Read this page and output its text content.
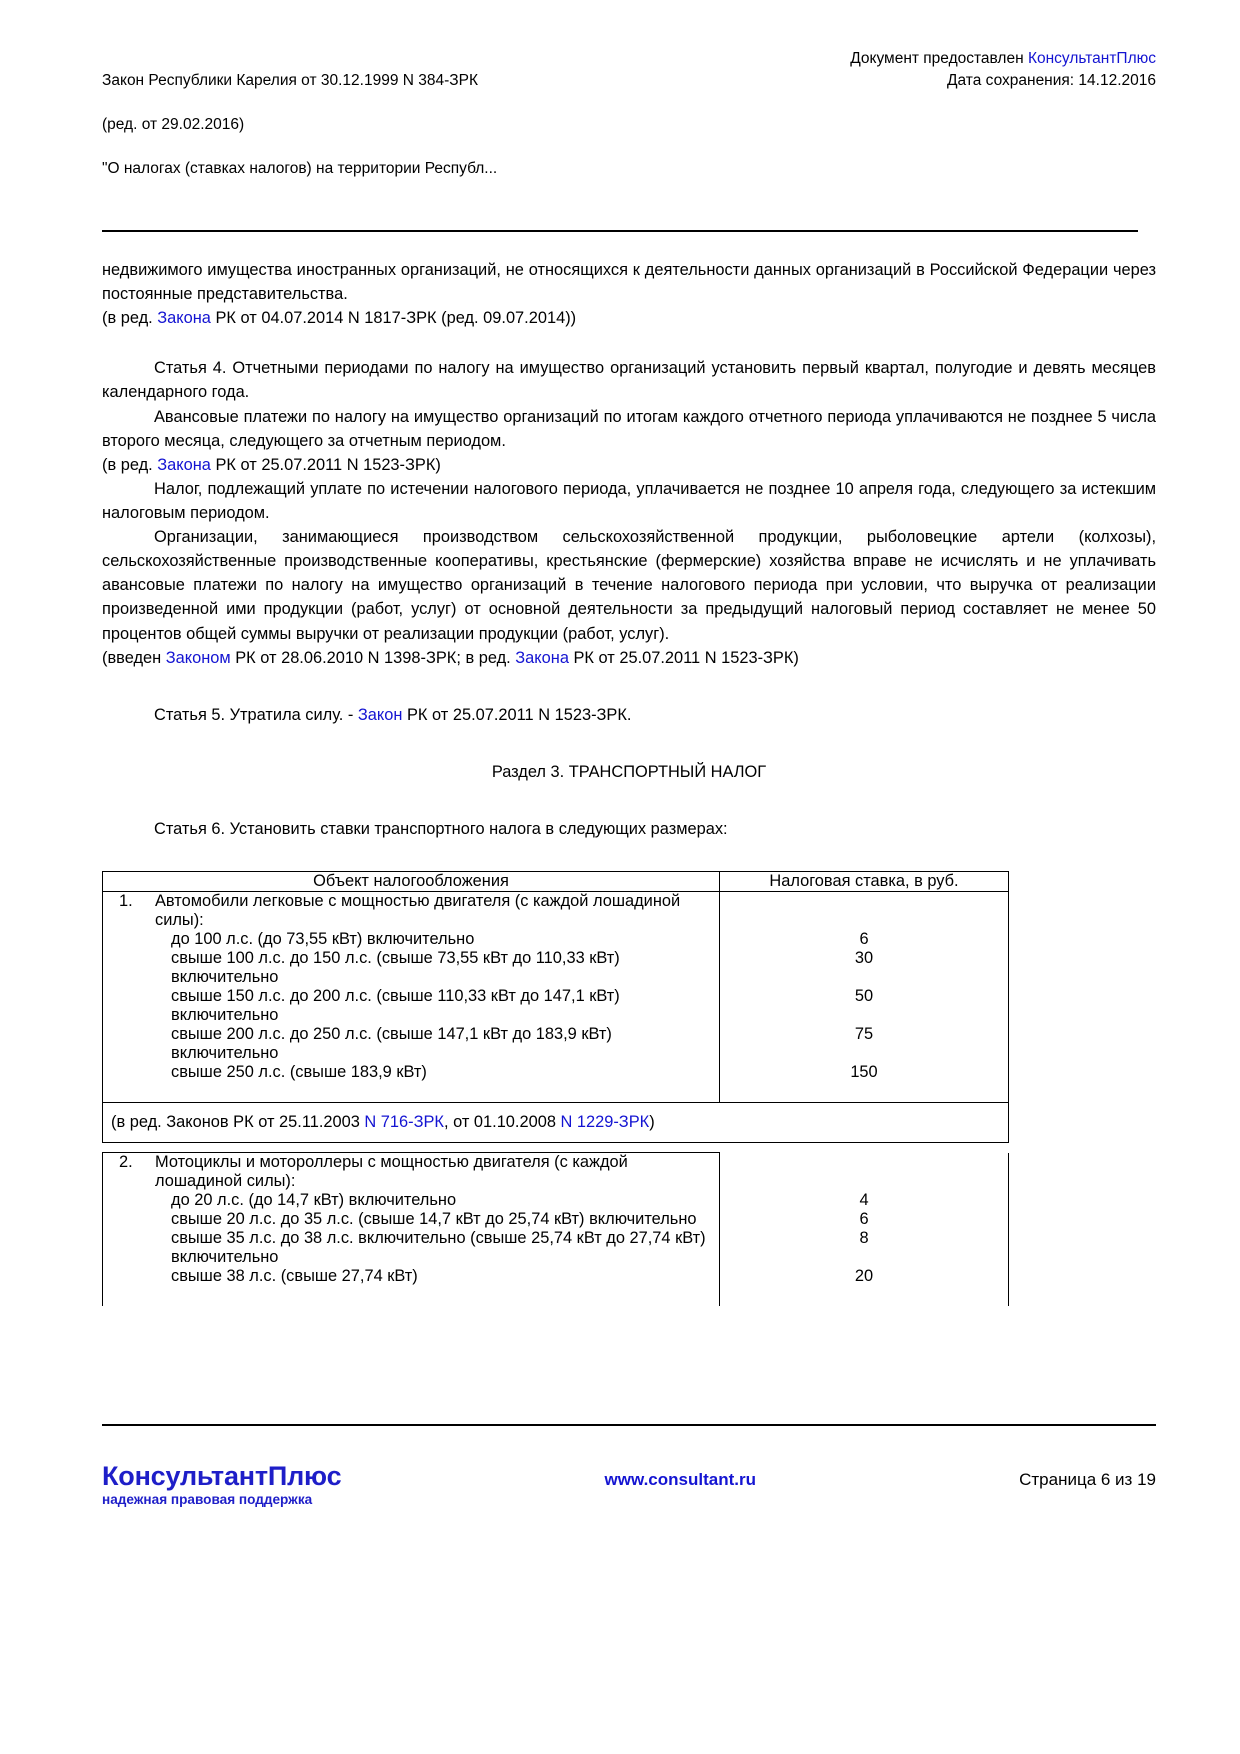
Закон Республики Карелия от 30.12.1999 N 384-ЗРК

(ред. от 29.02.2016)

"О налогах (ставках налогов) на территории Республ...

Документ предоставлен КонсультантПлюс
Дата сохранения: 14.12.2016

недвижимого имущества иностранных организаций, не относящихся к деятельности данных организаций в Российской Федерации через постоянные представительства.

(в ред. Закона РК от 04.07.2014 N 1817-ЗРК (ред. 09.07.2014))

Статья 4. Отчетными периодами по налогу на имущество организаций установить первый квартал, полугодие и девять месяцев календарного года.

Авансовые платежи по налогу на имущество организаций по итогам каждого отчетного периода уплачиваются не позднее 5 числа второго месяца, следующего за отчетным периодом.

(в ред. Закона РК от 25.07.2011 N 1523-ЗРК)

Налог, подлежащий уплате по истечении налогового периода, уплачивается не позднее 10 апреля года, следующего за истекшим налоговым периодом.

Организации, занимающиеся производством сельскохозяйственной продукции, рыболовецкие артели (колхозы), сельскохозяйственные производственные кооперативы, крестьянские (фермерские) хозяйства вправе не исчислять и не уплачивать авансовые платежи по налогу на имущество организаций в течение налогового периода при условии, что выручка от реализации произведенной ими продукции (работ, услуг) от основной деятельности за предыдущий налоговый период составляет не менее 50 процентов общей суммы выручки от реализации продукции (работ, услуг).

(введен Законом РК от 28.06.2010 N 1398-ЗРК; в ред. Закона РК от 25.07.2011 N 1523-ЗРК)

Статья 5. Утратила силу. - Закон РК от 25.07.2011 N 1523-ЗРК.

Раздел 3. ТРАНСПОРТНЫЙ НАЛОГ

Статья 6. Установить ставки транспортного налога в следующих размерах:

Объект налогообложения	Налоговая ставка, в руб.

1. Автомобили легковые с мощностью двигателя (с каждой лошадиной силы):	

до 100 л.с. (до 73,55 кВт) включительно	6

свыше 100 л.с. до 150 л.с. (свыше 73,55 кВт до 110,33 кВт) включительно	30

свыше 150 л.с. до 200 л.с. (свыше 110,33 кВт до 147,1 кВт) включительно	50

свыше 200 л.с. до 250 л.с. (свыше 147,1 кВт до 183,9 кВт) включительно	75

свыше 250 л.с. (свыше 183,9 кВт)	150
(в ред. Законов РК от 25.11.2003 N 716-ЗРК, от 01.10.2008 N 1229-ЗРК)	

2. Мотоциклы и мотороллеры с мощностью двигателя (с каждой лошадиной силы):	

до 20 л.с. (до 14,7 кВт) включительно	4

свыше 20 л.с. до 35 л.с. (свыше 14,7 кВт до 25,74 кВт) включительно	6

свыше 35 л.с. до 38 л.с. включительно (свыше 25,74 кВт до 27,74 кВт) включительно	8

свыше 38 л.с. (свыше 27,74 кВт)	20
КонсультантПлюс
надежная правовая поддержка
www.consultant.ru	Страница 6 из 19
